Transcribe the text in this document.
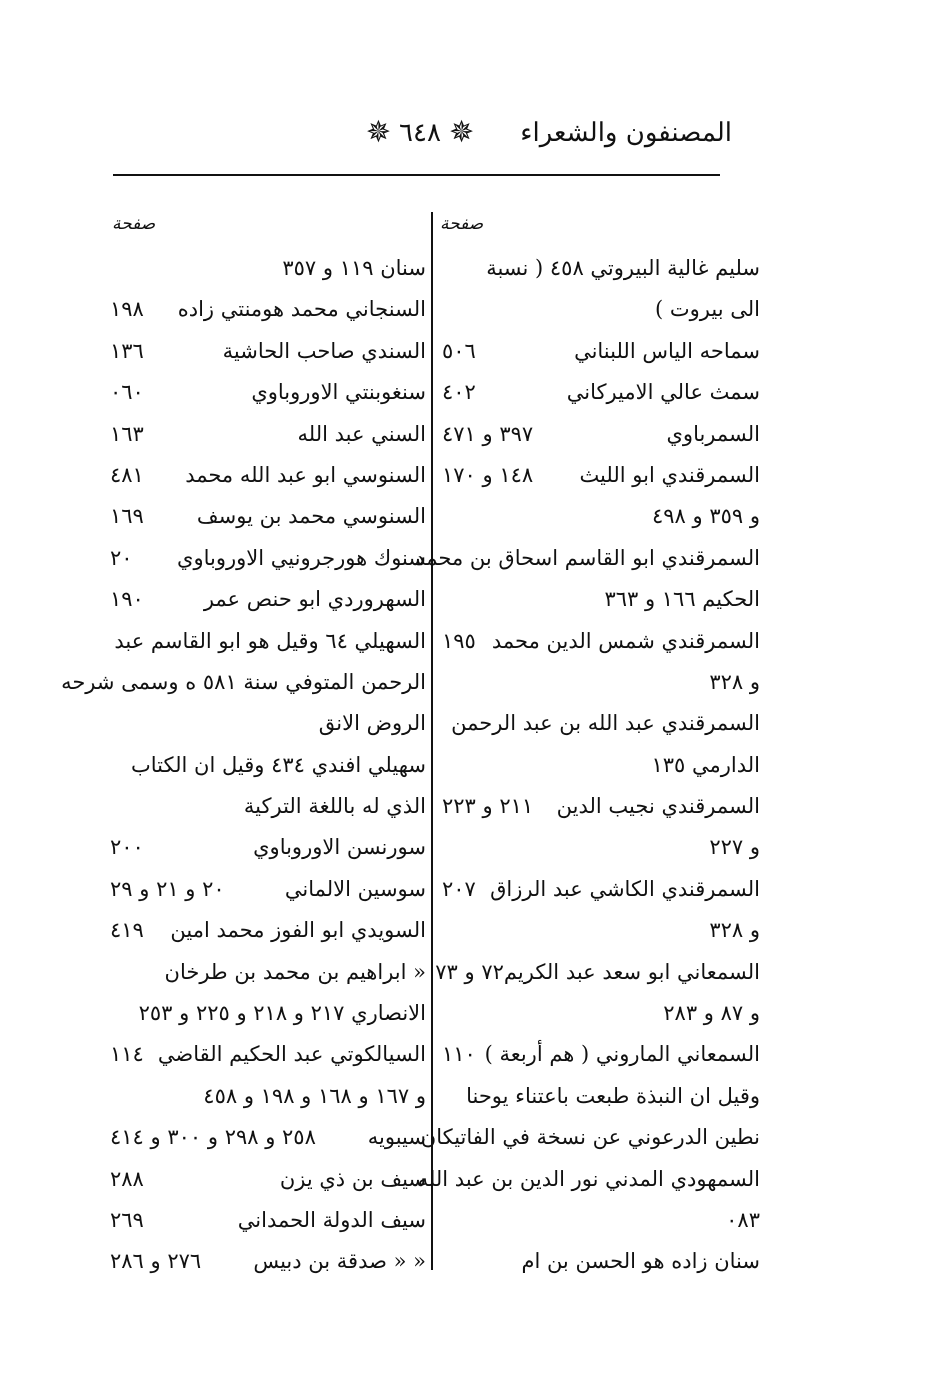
المصنفون والشعراء
✵ ٦٤٨ ✵
صفحة
صفحة
سليم غالية البيروتي ٤٥٨ ( نسبة
الى بيروت )
سماحه الياس اللبناني
٥٠٦
سمث عالي الاميركاني
٤٠٢
السمرباوي
٣٩٧ و ٤٧١
السمرقندي ابو الليث
١٤٨ و ١٧٠
و ٣٥٩ و ٤٩٨
السمرقندي ابو القاسم اسحاق بن محمد
الحكيم ١٦٦ و ٣٦٣
السمرقندي شمس الدين محمد
١٩٥
و ٣٢٨
السمرقندي عبد الله بن عبد الرحمن
الدارمي ١٣٥
السمرقندي نجيب الدين
٢١١ و ٢٢٣
و ٢٢٧
السمرقندي الكاشي عبد الرزاق
٢٠٧
و ٣٢٨
السمعاني ابو سعد عبد الكريم
٧٢ و ٧٣
و ٨٧ و ٢٨٣
السمعاني الماروني ( هم أربعة )
١١٠
وقيل ان النبذة طبعت باعتناء يوحنا
نطين الدرعوني عن نسخة في الفاتيكان
السمهودي المدني نور الدين بن عبد الله
٠٨٣
سنان زاده هو الحسن بن ام
سنان ١١٩ و ٣٥٧
السنجاني محمد هومنتي زاده
١٩٨
السندي صاحب الحاشية
١٣٦
سنغوبنتي الاوروباوي
٠٦٠
السني عبد الله
١٦٣
السنوسي ابو عبد الله محمد
٤٨١
السنوسي محمد بن يوسف
١٦٩
سنوك هورجرونيي الاوروباوي
٢٠
السهروردي ابو حنص عمر
١٩٠
السهيلي ٦٤ وقيل هو ابو القاسم عبد
الرحمن المتوفي سنة ٥٨١ ه وسمى شرحه
الروض الانق
سهيلي افندي ٤٣٤ وقيل ان الكتاب
الذي له باللغة التركية
سورنسن الاوروباوي
٢٠٠
سوسين الالماني
٢٠ و ٢١ و ٢٩
السويدي ابو الفوز محمد امين
٤١٩
« ابراهيم بن محمد بن طرخان
الانصاري ٢١٧ و ٢١٨ و ٢٢٥ و ٢٥٣
السيالكوتي عبد الحكيم القاضي
١١٤
و ١٦٧ و ١٦٨ و ١٩٨ و ٤٥٨
سيبويه
٢٥٨ و ٢٩٨ و ٣٠٠ و ٤١٤
سيف بن ذي يزن
٢٨٨
سيف الدولة الحمداني
٢٦٩
« « صدقة بن دبيس
٢٧٦ و ٢٨٦
